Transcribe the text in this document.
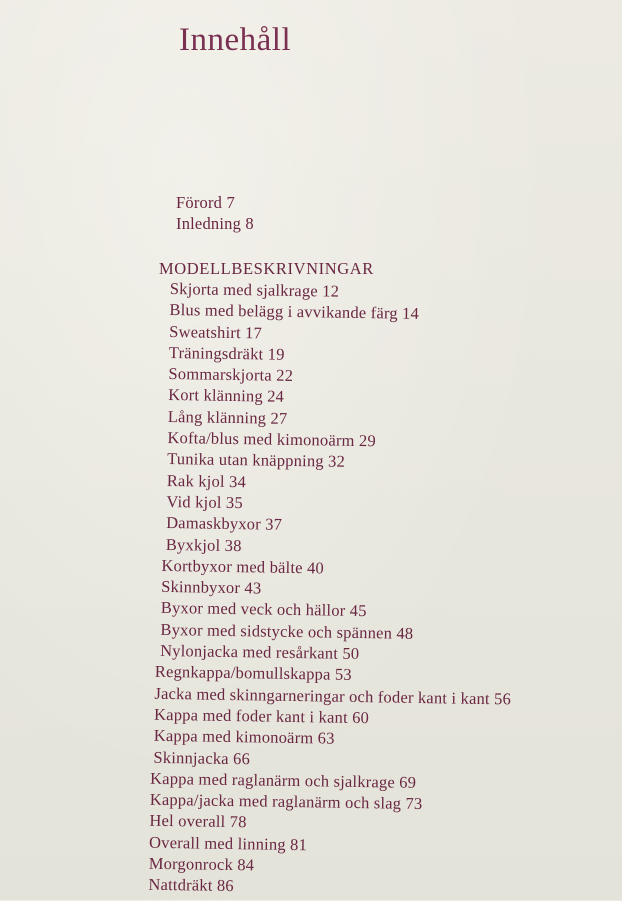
Innehåll
Förord 7
Inledning 8
MODELLBESKRIVNINGAR
Skjorta med sjalkrage 12
Blus med belägg i avvikande färg 14
Sweatshirt 17
Träningsdräkt 19
Sommarskjorta 22
Kort klänning 24
Lång klänning 27
Kofta/blus med kimonoärm 29
Tunika utan knäppning 32
Rak kjol 34
Vid kjol 35
Damaskbyxor 37
Byxkjol 38
Kortbyxor med bälte 40
Skinnbyxor 43
Byxor med veck och hällor 45
Byxor med sidstycke och spännen 48
Nylonjacka med resårkant 50
Regnkappa/bomullskappa 53
Jacka med skinngarneringar och foder kant i kant 56
Kappa med foder kant i kant 60
Kappa med kimonoärm 63
Skinnjacka 66
Kappa med raglanärm och sjalkrage 69
Kappa/jacka med raglanärm och slag 73
Hel overall 78
Overall med linning 81
Morgonrock 84
Nattdräkt 86
